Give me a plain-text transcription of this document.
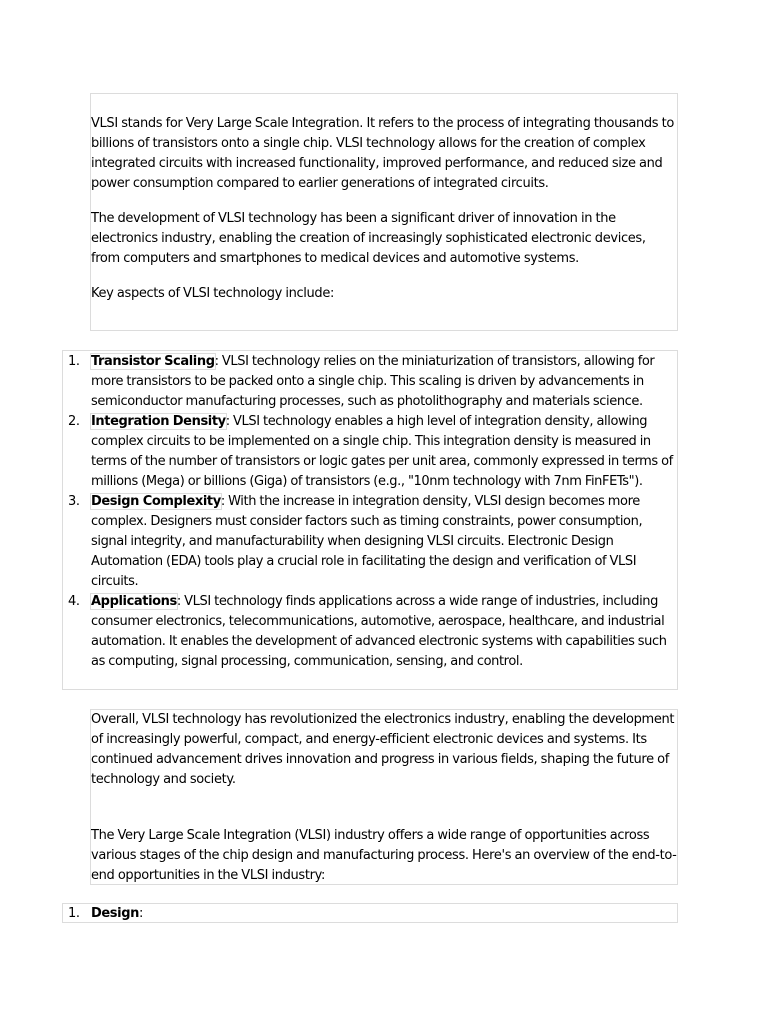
VLSI stands for Very Large Scale Integration. It refers to the process of integrating thousands to billions of transistors onto a single chip. VLSI technology allows for the creation of complex integrated circuits with increased functionality, improved performance, and reduced size and power consumption compared to earlier generations of integrated circuits.

The development of VLSI technology has been a significant driver of innovation in the electronics industry, enabling the creation of increasingly sophisticated electronic devices, from computers and smartphones to medical devices and automotive systems.

Key aspects of VLSI technology include:

1. Transistor Scaling: VLSI technology relies on the miniaturization of transistors, allowing for more transistors to be packed onto a single chip. This scaling is driven by advancements in semiconductor manufacturing processes, such as photolithography and materials science.
2. Integration Density: VLSI technology enables a high level of integration density, allowing complex circuits to be implemented on a single chip. This integration density is measured in terms of the number of transistors or logic gates per unit area, commonly expressed in terms of millions (Mega) or billions (Giga) of transistors (e.g., "10nm technology with 7nm FinFETs").
3. Design Complexity: With the increase in integration density, VLSI design becomes more complex. Designers must consider factors such as timing constraints, power consumption, signal integrity, and manufacturability when designing VLSI circuits. Electronic Design Automation (EDA) tools play a crucial role in facilitating the design and verification of VLSI circuits.
4. Applications: VLSI technology finds applications across a wide range of industries, including consumer electronics, telecommunications, automotive, aerospace, healthcare, and industrial automation. It enables the development of advanced electronic systems with capabilities such as computing, signal processing, communication, sensing, and control.

Overall, VLSI technology has revolutionized the electronics industry, enabling the development of increasingly powerful, compact, and energy-efficient electronic devices and systems. Its continued advancement drives innovation and progress in various fields, shaping the future of technology and society.

The Very Large Scale Integration (VLSI) industry offers a wide range of opportunities across various stages of the chip design and manufacturing process. Here's an overview of the end-to-end opportunities in the VLSI industry:

1. Design:
